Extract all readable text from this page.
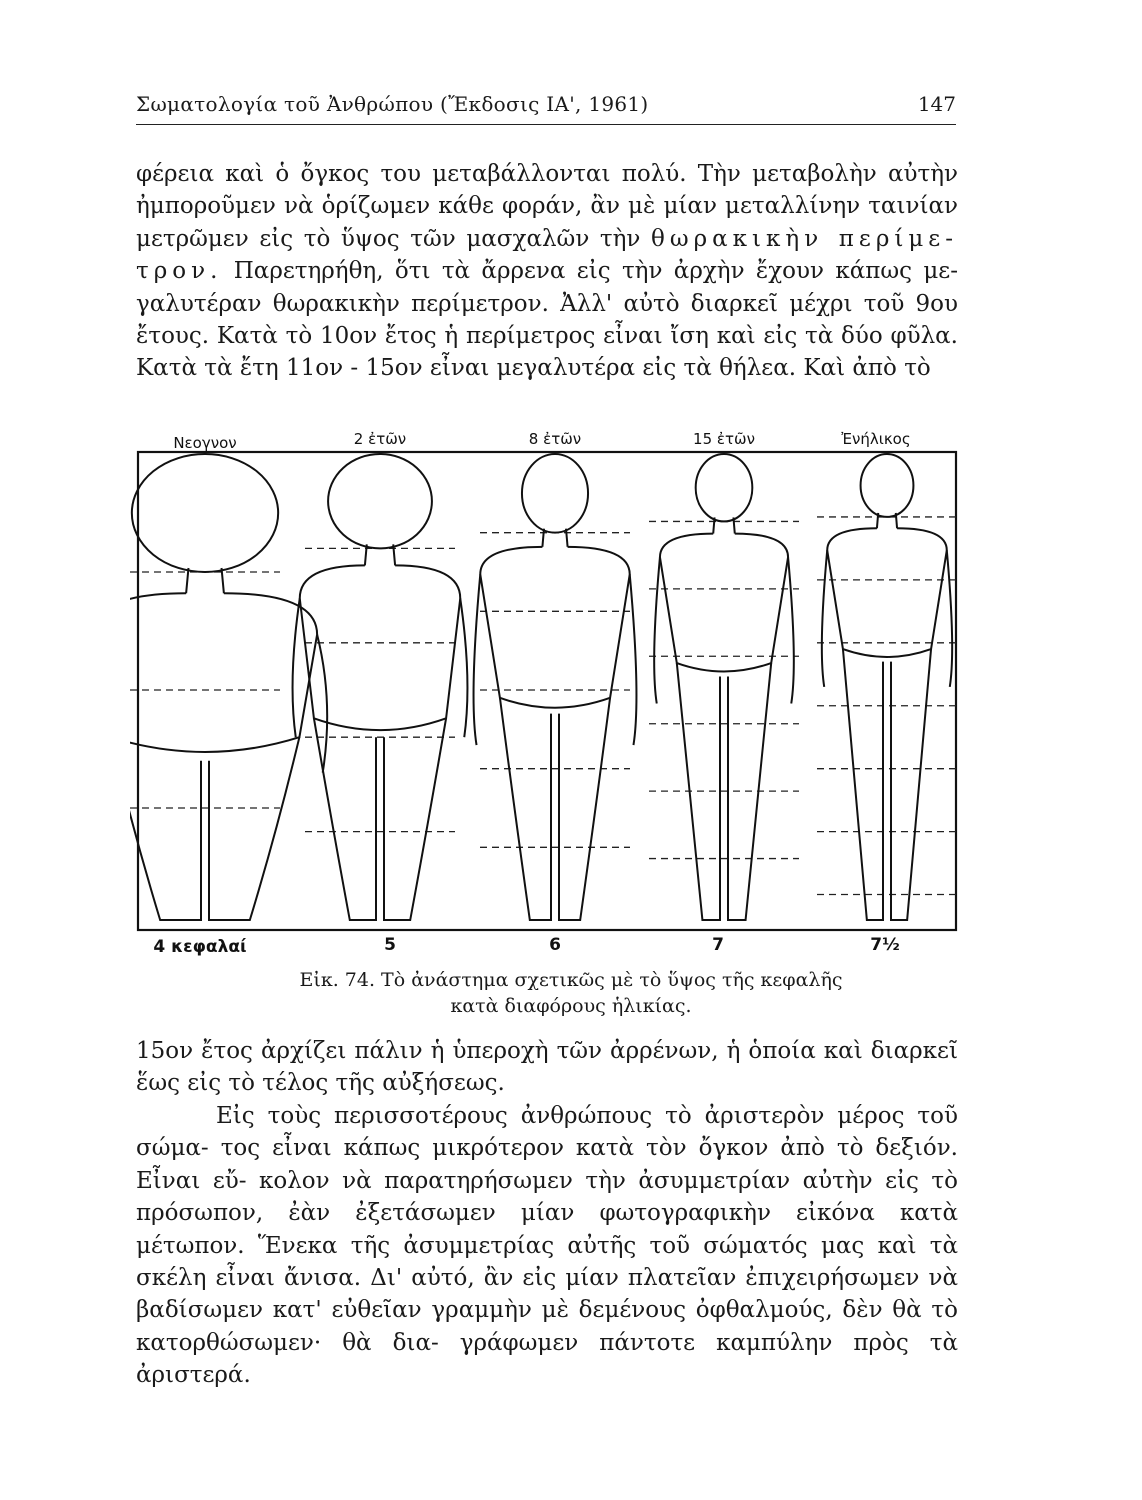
Σωματολογία τοῦ Ἀνθρώπου (Ἔκδοσις ΙΑ', 1961)	147

φέρεια καὶ ὁ ὄγκος του μεταβάλλονται πολύ. Τὴν μεταβολὴν αὐτὴν ἠμποροῦμεν νὰ ὁρίζωμεν κάθε φοράν, ἂν μὲ μίαν μεταλλίνην ταινίαν μετρῶμεν εἰς τὸ ὕψος τῶν μασχαλῶν τὴν θωρακικὴν περίμε- τρον. Παρετηρήθη, ὅτι τὰ ἄρρενα εἰς τὴν ἀρχὴν ἔχουν κάπως με- γαλυτέραν θωρακικὴν περίμετρον. Ἀλλ' αὐτὸ διαρκεῖ μέχρι τοῦ 9ου ἔτους. Κατὰ τὸ 10ον ἔτος ἡ περίμετρος εἶναι ἴση καὶ εἰς τὰ δύο φῦλα. Κατὰ τὰ ἔτη 11ον - 15ον εἶναι μεγαλυτέρα εἰς τὰ θήλεα. Καὶ ἀπὸ τὸ

Νεογνον	2 ἐτῶν	8 ἐτῶν	15 ἐτῶν	Ἐνήλικος
4 κεφαλαί	5	6	7	7½
Εἰκ. 74. Τὸ ἀνάστημα σχετικῶς μὲ τὸ ὕψος τῆς κεφαλῆς
κατὰ διαφόρους ἡλικίας.

15ον ἔτος ἀρχίζει πάλιν ἡ ὑπεροχὴ τῶν ἀρρένων, ἡ ὁποία καὶ διαρκεῖ ἕως εἰς τὸ τέλος τῆς αὐξήσεως.

Εἰς τοὺς περισσοτέρους ἀνθρώπους τὸ ἀριστερὸν μέρος τοῦ σώμα- τος εἶναι κάπως μικρότερον κατὰ τὸν ὄγκον ἀπὸ τὸ δεξιόν. Εἶναι εὔ- κολον νὰ παρατηρήσωμεν τὴν ἀσυμμετρίαν αὐτὴν εἰς τὸ πρόσωπον, ἐὰν ἐξετάσωμεν μίαν φωτογραφικὴν εἰκόνα κατὰ μέτωπον. Ἕνεκα τῆς ἀσυμμετρίας αὐτῆς τοῦ σώματός μας καὶ τὰ σκέλη εἶναι ἄνισα. Δι' αὐτό, ἂν εἰς μίαν πλατεῖαν ἐπιχειρήσωμεν νὰ βαδίσωμεν κατ' εὐθεῖαν γραμμὴν μὲ δεμένους ὀφθαλμούς, δὲν θὰ τὸ κατορθώσωμεν· θὰ δια- γράφωμεν πάντοτε καμπύλην πρὸς τὰ ἀριστερά.
